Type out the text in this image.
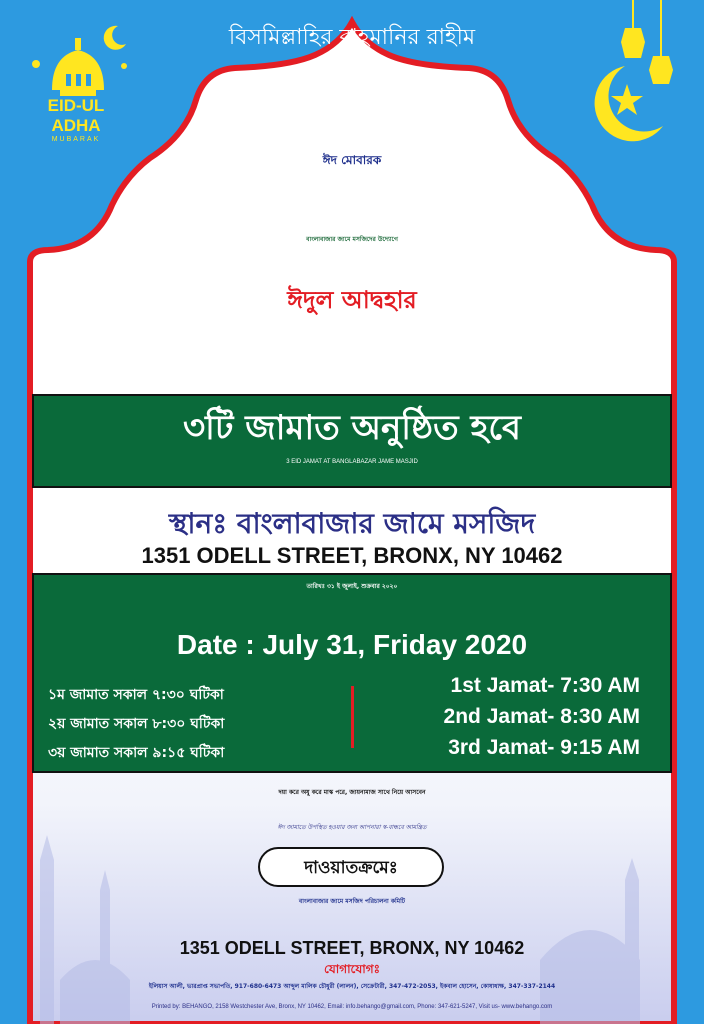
EID-UL
ADHA
MUBARAK
বিসমিল্লাহির রাহমানির রাহীম
ঈদ মোবারক
বাংলাবাজার জামে মসজিদের উদ্যোগে
ঈদুল আদ্বহার
৩টি জামাত অনুষ্ঠিত হবে
3 EID JAMAT AT BANGLABAZAR JAME MASJID
স্থানঃ বাংলাবাজার জামে মসজিদ
1351 ODELL STREET, BRONX, NY 10462
তারিখঃ ৩১ ই জুলাই, শুক্রবার ২০২০
Date : July 31, Friday 2020
১ম জামাত সকাল ৭:৩০ ঘটিকা
২য় জামাত সকাল ৮:৩০ ঘটিকা
৩য় জামাত সকাল ৯:১৫ ঘটিকা
1st Jamat- 7:30 AM
2nd Jamat- 8:30 AM
3rd Jamat- 9:15 AM
দয়া করে অযু করে মাস্ক পরে, জায়নামাজ সাথে নিয়ে আসবেন
ঈদ জামাতে উপস্থিত হওয়ার জন্য আপনারা স্ব-বান্ধবে আমন্ত্রিত
দাওয়াতক্রমেঃ
বাংলাবাজার জামে মসজিদ পরিচালনা কমিটি
1351 ODELL STREET, BRONX, NY 10462
যোগাযোগঃ
ইলিয়াস আলী, ভারপ্রাপ্ত সভাপতি, 917-680-6473 আব্দুল মালিক চৌধুরী (লালন), সেক্রেটারী, 347-472-2053, ইকবাল হোসেন, কোষাধ্যক্ষ, 347-337-2144
Printed by: BEHANGO, 2158 Westchester Ave, Bronx, NY 10462, Email: info.behango@gmail.com, Phone: 347-621-5247, Visit us- www.behango.com
